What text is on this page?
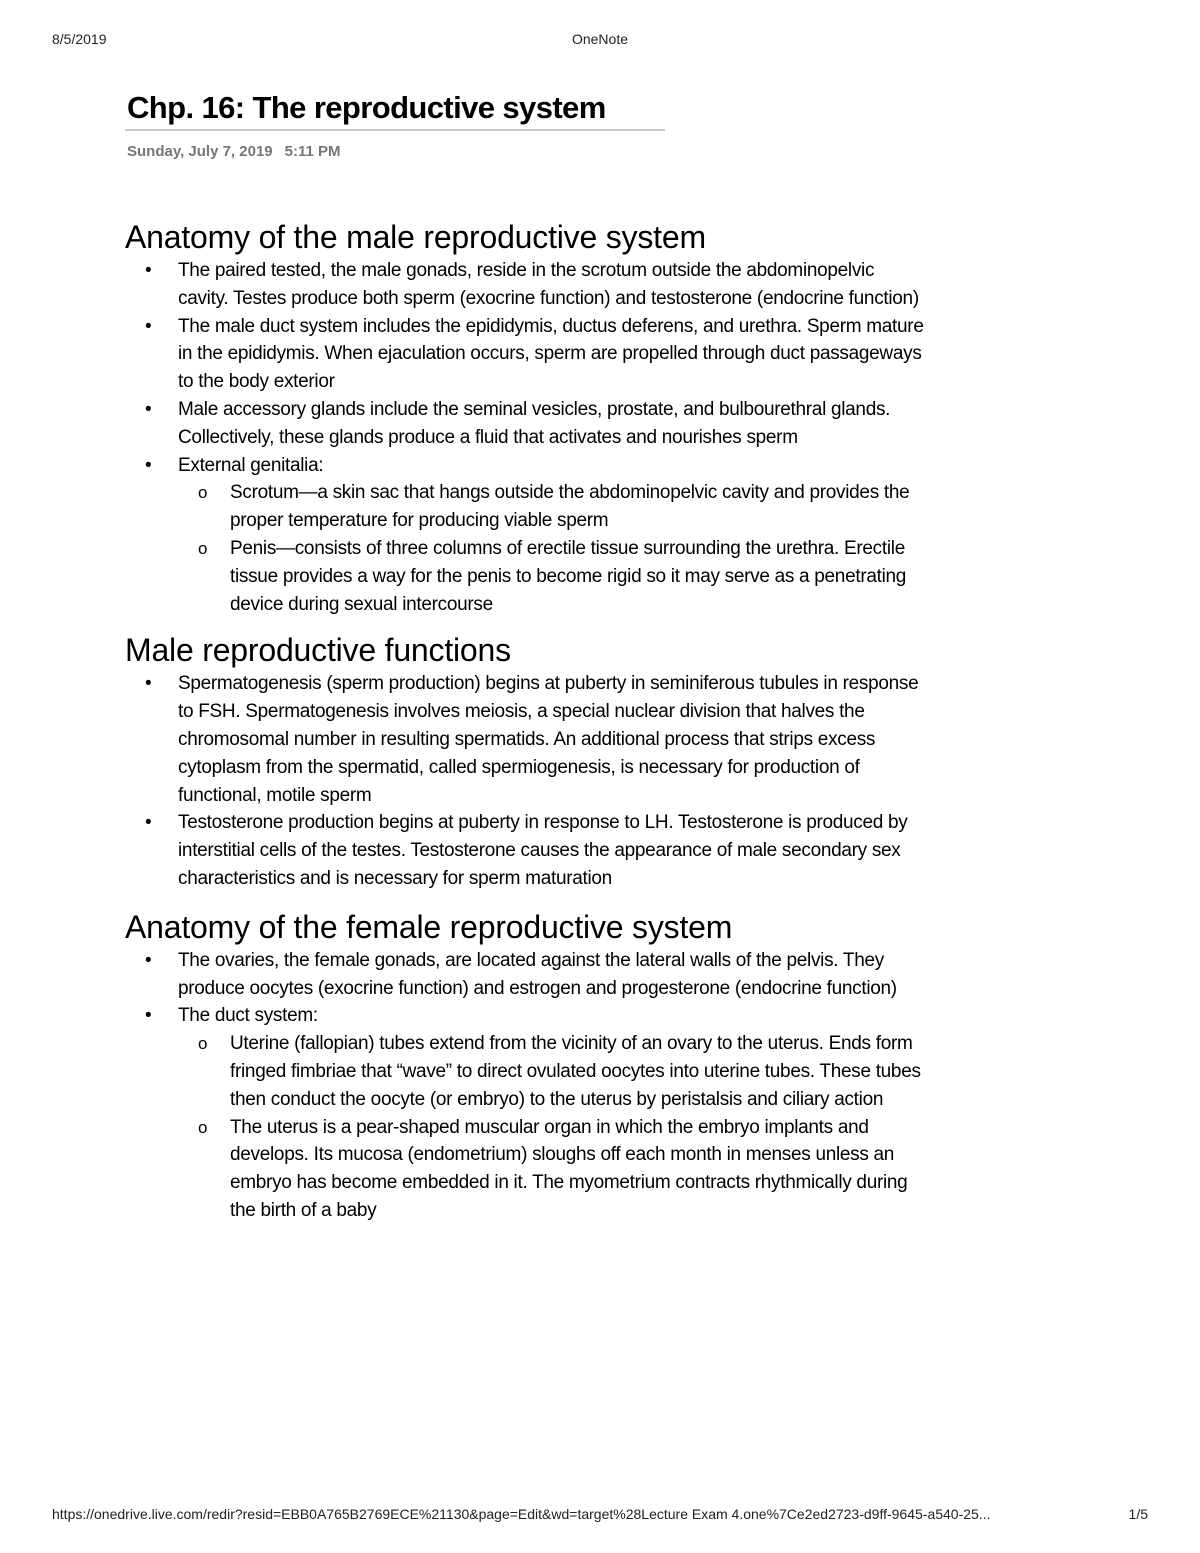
8/5/2019	OneNote
Chp. 16: The reproductive system
Sunday, July 7, 2019 5:11 PM
Anatomy of the male reproductive system
• The paired tested, the male gonads, reside in the scrotum outside the abdominopelvic cavity. Testes produce both sperm (exocrine function) and testosterone (endocrine function)
• The male duct system includes the epididymis, ductus deferens, and urethra. Sperm mature in the epididymis. When ejaculation occurs, sperm are propelled through duct passageways to the body exterior
• Male accessory glands include the seminal vesicles, prostate, and bulbourethral glands. Collectively, these glands produce a fluid that activates and nourishes sperm
• External genitalia:
o Scrotum—a skin sac that hangs outside the abdominopelvic cavity and provides the proper temperature for producing viable sperm
o Penis—consists of three columns of erectile tissue surrounding the urethra. Erectile tissue provides a way for the penis to become rigid so it may serve as a penetrating device during sexual intercourse
Male reproductive functions
• Spermatogenesis (sperm production) begins at puberty in seminiferous tubules in response to FSH. Spermatogenesis involves meiosis, a special nuclear division that halves the chromosomal number in resulting spermatids. An additional process that strips excess cytoplasm from the spermatid, called spermiogenesis, is necessary for production of functional, motile sperm
• Testosterone production begins at puberty in response to LH. Testosterone is produced by interstitial cells of the testes. Testosterone causes the appearance of male secondary sex characteristics and is necessary for sperm maturation
Anatomy of the female reproductive system
• The ovaries, the female gonads, are located against the lateral walls of the pelvis. They produce oocytes (exocrine function) and estrogen and progesterone (endocrine function)
• The duct system:
o Uterine (fallopian) tubes extend from the vicinity of an ovary to the uterus. Ends form fringed fimbriae that “wave” to direct ovulated oocytes into uterine tubes. These tubes then conduct the oocyte (or embryo) to the uterus by peristalsis and ciliary action
o The uterus is a pear-shaped muscular organ in which the embryo implants and develops. Its mucosa (endometrium) sloughs off each month in menses unless an embryo has become embedded in it. The myometrium contracts rhythmically during the birth of a baby
https://onedrive.live.com/redir?resid=EBB0A765B2769ECE%21130&page=Edit&wd=target%28Lecture Exam 4.one%7Ce2ed2723-d9ff-9645-a540-25...	1/5
